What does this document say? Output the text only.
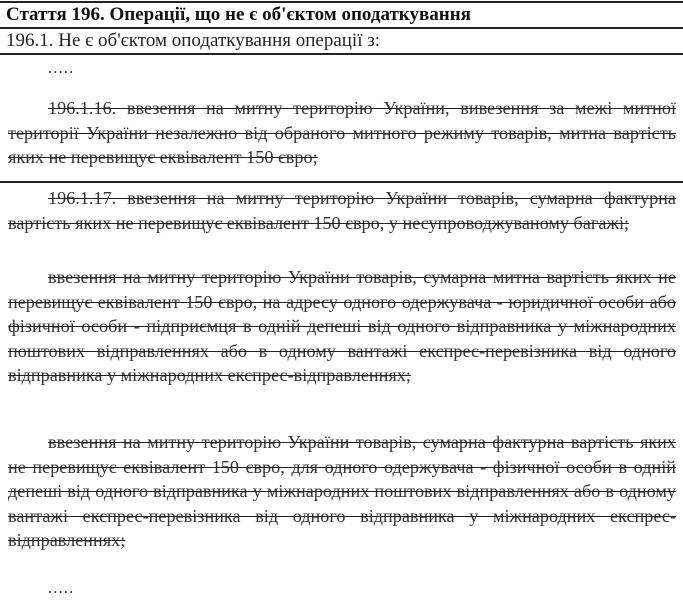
Стаття 196. Операції, що не є об'єктом оподаткування
196.1. Не є об'єктом оподаткування операції з:
.....
196.1.16. ввезення на митну територію України, вивезення за межі митної території України незалежно від обраного митного режиму товарів, митна вартість яких не перевищує еквівалент 150 євро;
196.1.17. ввезення на митну територію України товарів, сумарна фактурна вартість яких не перевищує еквівалент 150 євро, у несупроводжуваному багажі;
ввезення на митну територію України товарів, сумарна митна вартість яких не перевищує еквівалент 150 євро, на адресу одного одержувача - юридичної особи або фізичної особи - підприємця в одній депеші від одного відправника у міжнародних поштових відправленнях або в одному вантажі експрес-перевізника від одного відправника у міжнародних експрес-відправленнях;
ввезення на митну територію України товарів, сумарна фактурна вартість яких не перевищує еквівалент 150 євро, для одного одержувача - фізичної особи в одній депеші від одного відправника у міжнародних поштових відправленнях або в одному вантажі експрес-перевізника від одного відправника у міжнародних експрес-відправленнях;
.....
